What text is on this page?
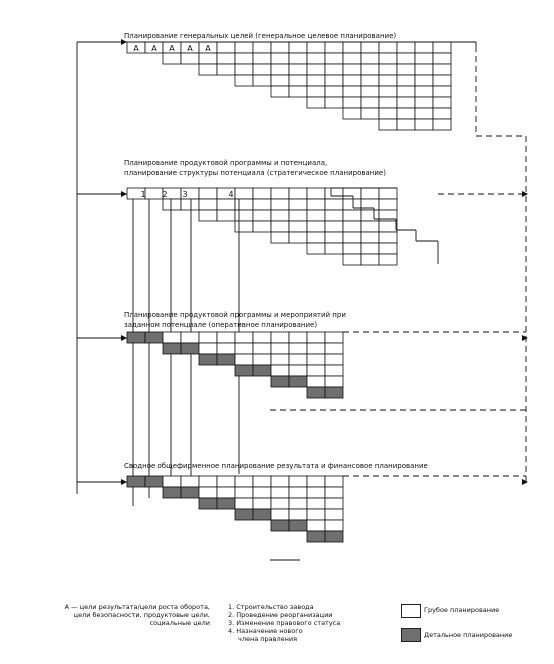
A A A A A
1 2 3	4
Планирование генеральных целей (генеральное целевое планирование)
Планирование продуктовой программы и потенциала,
планирование структуры потенциала (стратегическое планирование)
Планирование продуктовой программы и мероприятий при
заданном потенциале (оперативное планирование)
Сводное общефирменное планирование результата и финансовое планирование
А — цели результата/цели роста оборота,
цели безопасности, продуктовые цели,
социальные цели
1. Строительство завода
2. Проведение реорганизации
3. Изменение правового статуса
4. Назначение нового
члена правления
Грубое планирование
Детальное планирование
